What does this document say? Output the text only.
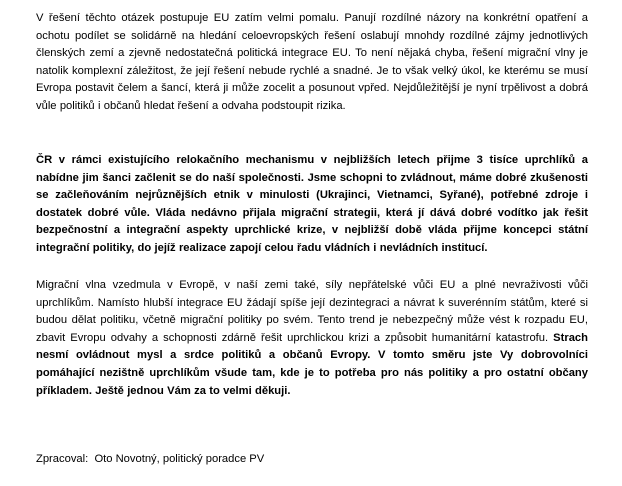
V řešení těchto otázek postupuje EU zatím velmi pomalu. Panují rozdílné názory na konkrétní opatření a ochotu podílet se solidárně na hledání celoevropských řešení oslabují mnohdy rozdílné zájmy jednotlivých členských zemí a zjevně nedostatečná politická integrace EU. To není nějaká chyba, řešení migrační vlny je natolik komplexní záležitost, že její řešení nebude rychlé a snadné. Je to však velký úkol, ke kterému se musí Evropa postavit čelem a šancí, která ji může zocelit a posunout vpřed. Nejdůležitější je nyní trpělivost a dobrá vůle politiků i občanů hledat řešení a odvaha podstoupit rizika.

ČR v rámci existujícího relokačního mechanismu v nejbližších letech přijme 3 tisíce uprchlíků a nabídne jim šanci začlenit se do naší společnosti. Jsme schopni to zvládnout, máme dobré zkušenosti se začleňováním nejrůznějších etnik v minulosti (Ukrajinci, Vietnamci, Syřané), potřebné zdroje i dostatek dobré vůle. Vláda nedávno přijala migrační strategii, která jí dává dobré vodítko jak řešit bezpečnostní a integrační aspekty uprchlické krize, v nejbližší době vláda přijme koncepci státní integrační politiky, do jejíž realizace zapojí celou řadu vládních i nevládních institucí.

Migrační vlna vzedmula v Evropě, v naší zemi také, síly nepřátelské vůči EU a plné nevraživosti vůči uprchlíkům. Namísto hlubší integrace EU žádají spíše její dezintegraci a návrat k suverénním státům, které si budou dělat politiku, včetně migrační politiky po svém. Tento trend je nebezpečný může vést k rozpadu EU, zbavit Evropu odvahy a schopnosti zdárně řešit uprchlickou krizi a způsobit humanitární katastrofu. Strach nesmí ovládnout mysl a srdce politiků a občanů Evropy. V tomto směru jste Vy dobrovolníci pomáhající nezištně uprchlíkům všude tam, kde je to potřeba pro nás politiky a pro ostatní občany příkladem. Ještě jednou Vám za to velmi děkuji.

Zpracoval: Oto Novotný, politický poradce PV
